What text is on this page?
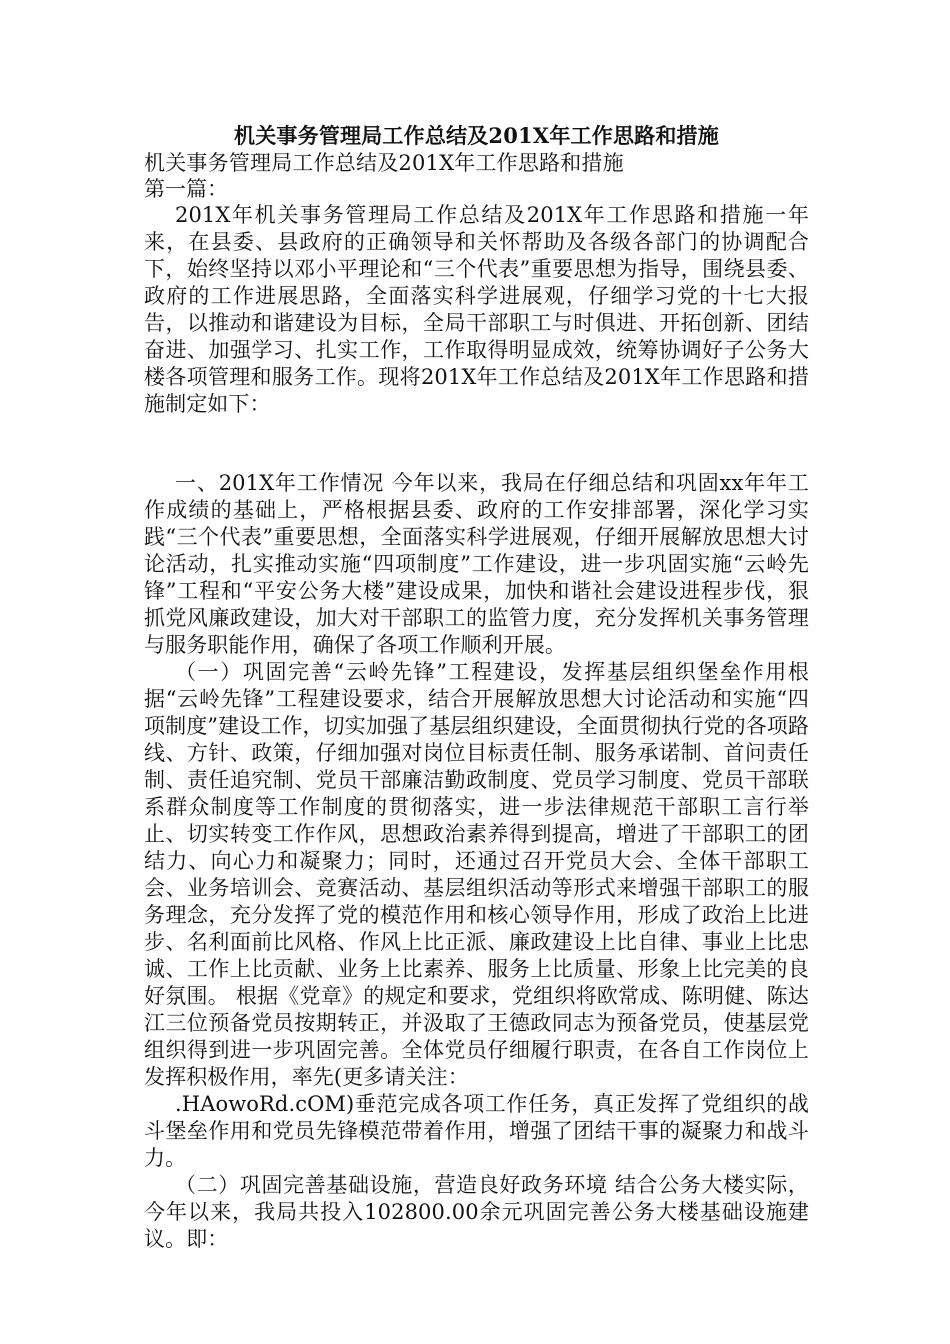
机关事务管理局工作总结及201X年工作思路和措施

机关事务管理局工作总结及201X年工作思路和措施

第一篇：

201X年机关事务管理局工作总结及201X年工作思路和措施一年来，在县委、县政府的正确领导和关怀帮助及各级各部门的协调配合下，始终坚持以邓小平理论和“三个代表”重要思想为指导，围绕县委、政府的工作进展思路，全面落实科学进展观，仔细学习党的十七大报告，以推动和谐建设为目标，全局干部职工与时俱进、开拓创新、团结奋进、加强学习、扎实工作，工作取得明显成效，统筹协调好子公务大楼各项管理和服务工作。现将201X年工作总结及201X年工作思路和措施制定如下：

一、201X年工作情况 今年以来，我局在仔细总结和巩固xx年年工作成绩的基础上，严格根据县委、政府的工作安排部署，深化学习实践“三个代表”重要思想，全面落实科学进展观，仔细开展解放思想大讨论活动，扎实推动实施“四项制度”工作建设，进一步巩固实施“云岭先锋”工程和“平安公务大楼”建设成果，加快和谐社会建设进程步伐，狠抓党风廉政建设，加大对干部职工的监管力度，充分发挥机关事务管理与服务职能作用，确保了各项工作顺利开展。

（一）巩固完善“云岭先锋”工程建设，发挥基层组织堡垒作用根据“云岭先锋”工程建设要求，结合开展解放思想大讨论活动和实施“四项制度”建设工作，切实加强了基层组织建设，全面贯彻执行党的各项路线、方针、政策，仔细加强对岗位目标责任制、服务承诺制、首问责任制、责任追究制、党员干部廉洁勤政制度、党员学习制度、党员干部联系群众制度等工作制度的贯彻落实，进一步法律规范干部职工言行举止、切实转变工作作风，思想政治素养得到提高，增进了干部职工的团结力、向心力和凝聚力；同时，还通过召开党员大会、全体干部职工会、业务培训会、竞赛活动、基层组织活动等形式来增强干部职工的服务理念，充分发挥了党的模范作用和核心领导作用，形成了政治上比进步、名利面前比风格、作风上比正派、廉政建设上比自律、事业上比忠诚、工作上比贡献、业务上比素养、服务上比质量、形象上比完美的良好氛围。 根据《党章》的规定和要求，党组织将欧常成、陈明健、陈达江三位预备党员按期转正，并汲取了王德政同志为预备党员，使基层党组织得到进一步巩固完善。全体党员仔细履行职责，在各自工作岗位上发挥积极作用，率先(更多请关注：

.HAowoRd.cOM)垂范完成各项工作任务，真正发挥了党组织的战斗堡垒作用和党员先锋模范带着作用，增强了团结干事的凝聚力和战斗力。

（二）巩固完善基础设施，营造良好政务环境 结合公务大楼实际，今年以来，我局共投入102800.00余元巩固完善公务大楼基础设施建议。即：
